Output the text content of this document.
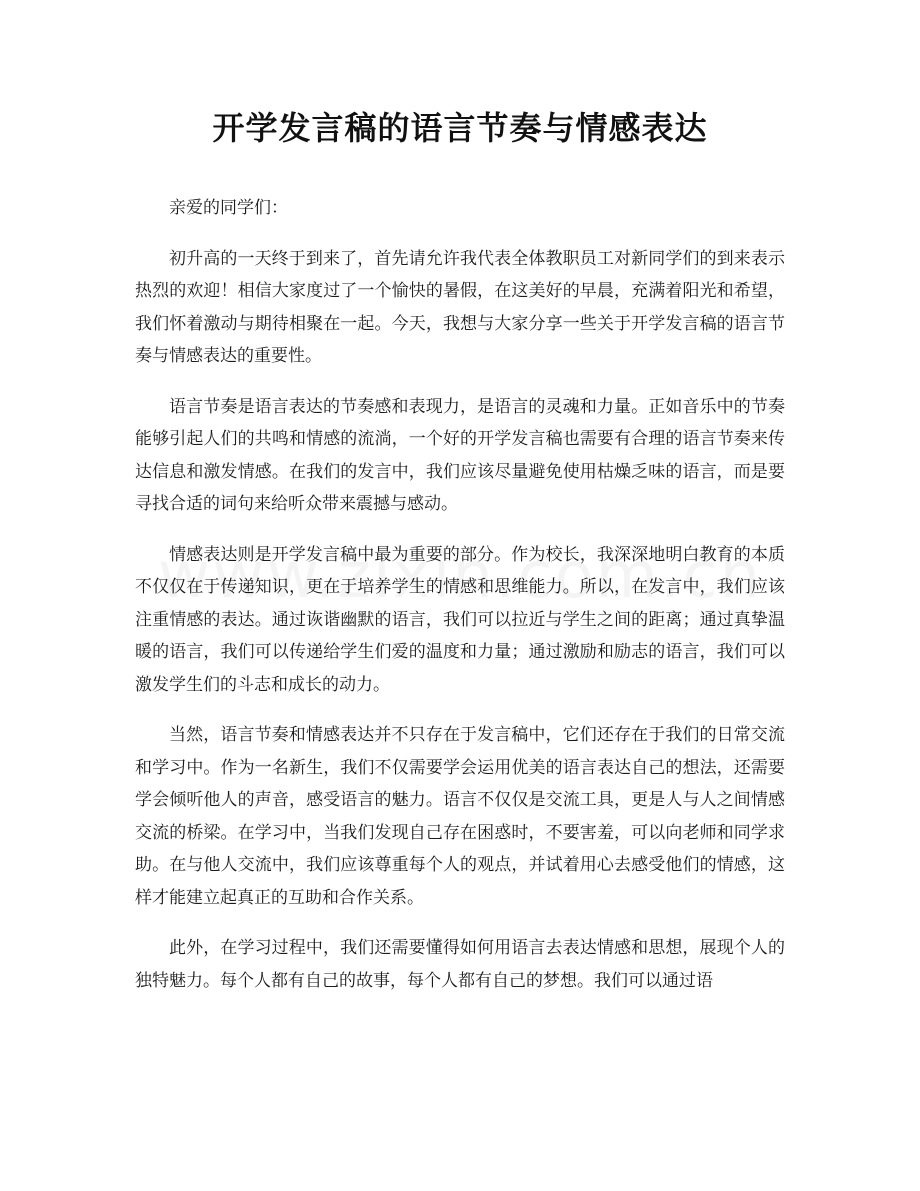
开学发言稿的语言节奏与情感表达

亲爱的同学们：

初升高的一天终于到来了，首先请允许我代表全体教职员工对新同学们的到来表示热烈的欢迎！相信大家度过了一个愉快的暑假，在这美好的早晨，充满着阳光和希望，我们怀着激动与期待相聚在一起。今天，我想与大家分享一些关于开学发言稿的语言节奏与情感表达的重要性。

语言节奏是语言表达的节奏感和表现力，是语言的灵魂和力量。正如音乐中的节奏能够引起人们的共鸣和情感的流淌，一个好的开学发言稿也需要有合理的语言节奏来传达信息和激发情感。在我们的发言中，我们应该尽量避免使用枯燥乏味的语言，而是要寻找合适的词句来给听众带来震撼与感动。

情感表达则是开学发言稿中最为重要的部分。作为校长，我深深地明白教育的本质不仅仅在于传递知识，更在于培养学生的情感和思维能力。所以，在发言中，我们应该注重情感的表达。通过诙谐幽默的语言，我们可以拉近与学生之间的距离；通过真挚温暖的语言，我们可以传递给学生们爱的温度和力量；通过激励和励志的语言，我们可以激发学生们的斗志和成长的动力。

当然，语言节奏和情感表达并不只存在于发言稿中，它们还存在于我们的日常交流和学习中。作为一名新生，我们不仅需要学会运用优美的语言表达自己的想法，还需要学会倾听他人的声音，感受语言的魅力。语言不仅仅是交流工具，更是人与人之间情感交流的桥梁。在学习中，当我们发现自己存在困惑时，不要害羞，可以向老师和同学求助。在与他人交流中，我们应该尊重每个人的观点，并试着用心去感受他们的情感，这样才能建立起真正的互助和合作关系。

此外，在学习过程中，我们还需要懂得如何用语言去表达情感和思想，展现个人的独特魅力。每个人都有自己的故事，每个人都有自己的梦想。我们可以通过语
